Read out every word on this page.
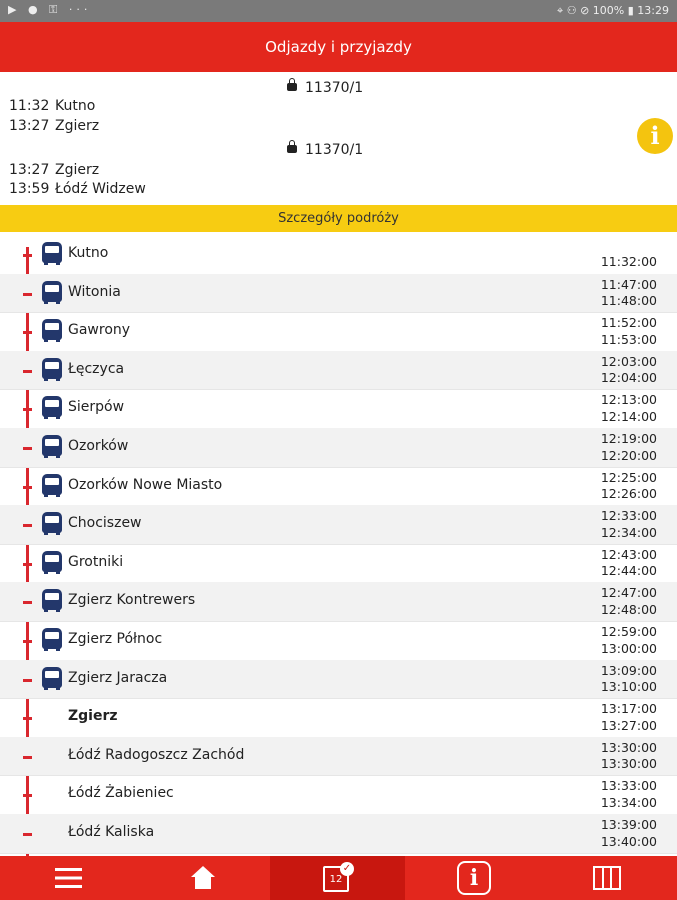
▶ ● ⚿ ···	⌖ ⚇ ⊘ 100% ▮ 13:29
Odjazdy i przyjazdy
11370/1
11:32 Kutno
13:27 Zgierz
11370/1
13:27 Zgierz
13:59 Łódź Widzew
i
Szczegóły podróży
Kutno
11:32:00
Witonia	11:47:00
11:48:00
Gawrony	11:52:00
11:53:00
Łęczyca	12:03:00
12:04:00
Sierpów	12:13:00
12:14:00
Ozorków	12:19:00
12:20:00
Ozorków Nowe Miasto	12:25:00
12:26:00
Chociszew	12:33:00
12:34:00
Grotniki	12:43:00
12:44:00
Zgierz Kontrewers	12:47:00
12:48:00
Zgierz Północ	12:59:00
13:00:00
Zgierz Jaracza	13:09:00
13:10:00
Zgierz	13:17:00
13:27:00
Łódź Radogoszcz Zachód	13:30:00
13:30:00
Łódź Żabieniec	13:33:00
13:34:00
Łódź Kaliska	13:39:00
13:40:00
12
✓	i
